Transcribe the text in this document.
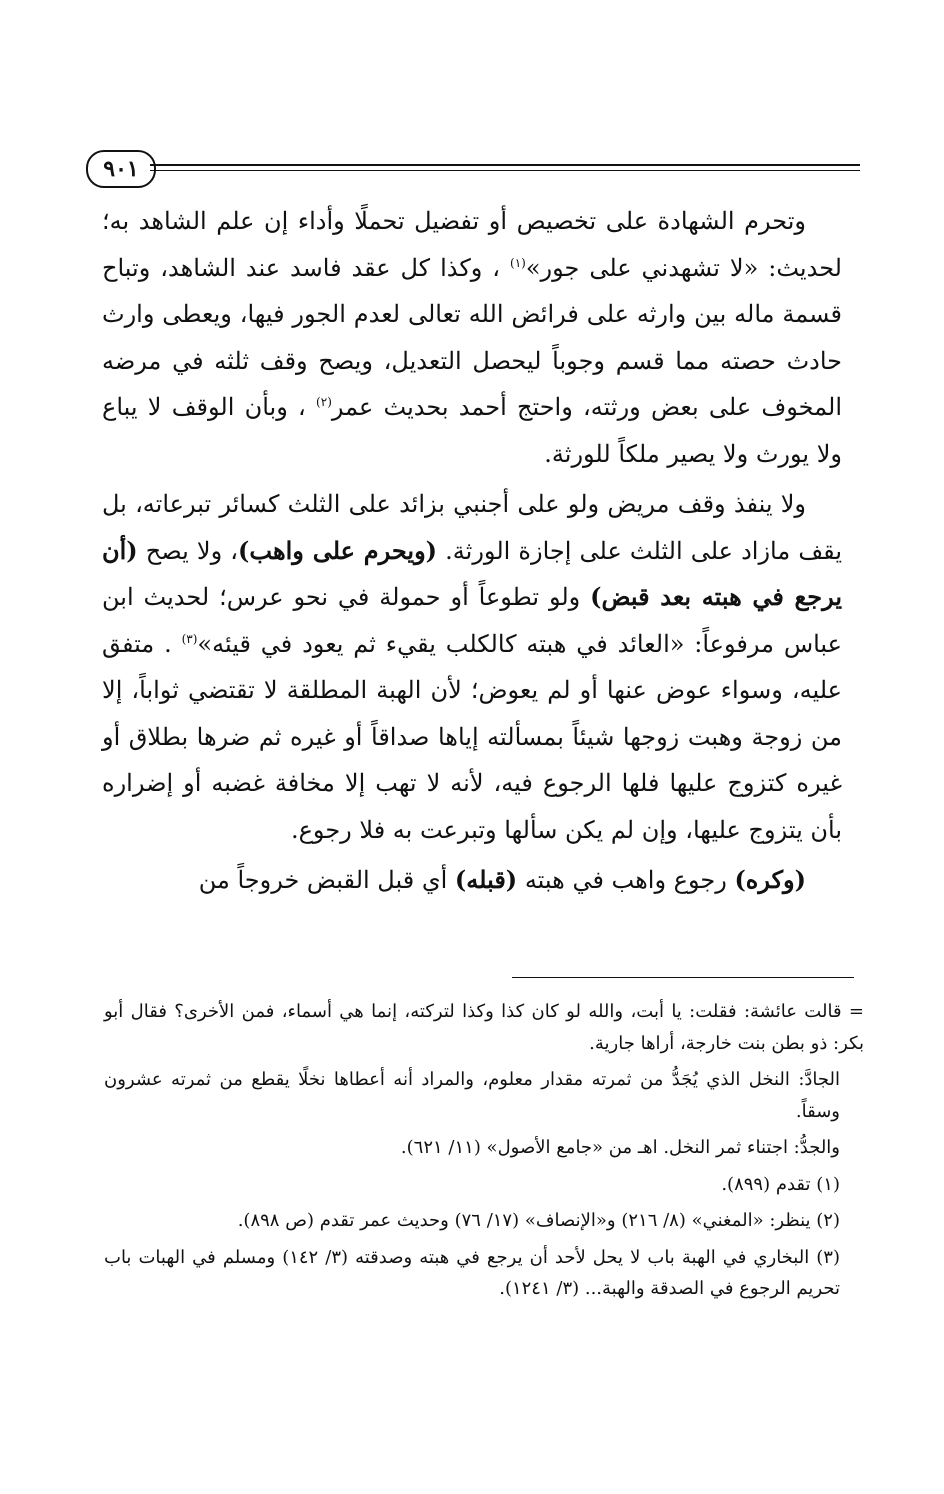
٩٠١

وتحرم الشهادة على تخصيص أو تفضيل تحملًا وأداء إن علم الشاهد به؛ لحديث: «لا تشهدني على جور»$^{(١)}$ ، وكذا كل عقد فاسد عند الشاهد، وتباح قسمة ماله بين وارثه على فرائض الله تعالى لعدم الجور فيها، ويعطى وارث حادث حصته مما قسم وجوباً ليحصل التعديل، ويصح وقف ثلثه في مرضه المخوف على بعض ورثته، واحتج أحمد بحديث عمر$^{(٢)}$ ، وبأن الوقف لا يباع ولا يورث ولا يصير ملكاً للورثة.

ولا ينفذ وقف مريض ولو على أجنبي بزائد على الثلث كسائر تبرعاته، بل يقف مازاد على الثلث على إجازة الورثة. (ويحرم على واهب)، ولا يصح (أن يرجع في هبته بعد قبض) ولو تطوعاً أو حمولة في نحو عرس؛ لحديث ابن عباس مرفوعاً: «العائد في هبته كالكلب يقيء ثم يعود في قيئه»$^{(٣)}$ . متفق عليه، وسواء عوض عنها أو لم يعوض؛ لأن الهبة المطلقة لا تقتضي ثواباً، إلا من زوجة وهبت زوجها شيئاً بمسألته إياها صداقاً أو غيره ثم ضرها بطلاق أو غيره كتزوج عليها فلها الرجوع فيه، لأنه لا تهب إلا مخافة غضبه أو إضراره بأن يتزوج عليها، وإن لم يكن سألها وتبرعت به فلا رجوع.

(وكره) رجوع واهب في هبته (قبله) أي قبل القبض خروجاً من

= قالت عائشة: فقلت: يا أبت، والله لو كان كذا وكذا لتركته، إنما هي أسماء، فمن الأخرى؟ فقال أبو بكر: ذو بطن بنت خارجة، أراها جارية.

الجادَّ: النخل الذي يُجَدُّ من ثمرته مقدار معلوم، والمراد أنه أعطاها نخلًا يقطع من ثمرته عشرون وسقاً.

والجدُّ: اجتناء ثمر النخل. اهـ من «جامع الأصول» (١١/ ٦٢١).

(١) تقدم (٨٩٩).

(٢) ينظر: «المغني» (٨/ ٢١٦) و«الإنصاف» (١٧/ ٧٦) وحديث عمر تقدم (ص ٨٩٨).

(٣) البخاري في الهبة باب لا يحل لأحد أن يرجع في هبته وصدقته (٣/ ١٤٢) ومسلم في الهبات باب تحريم الرجوع في الصدقة والهبة... (٣/ ١٢٤١).
